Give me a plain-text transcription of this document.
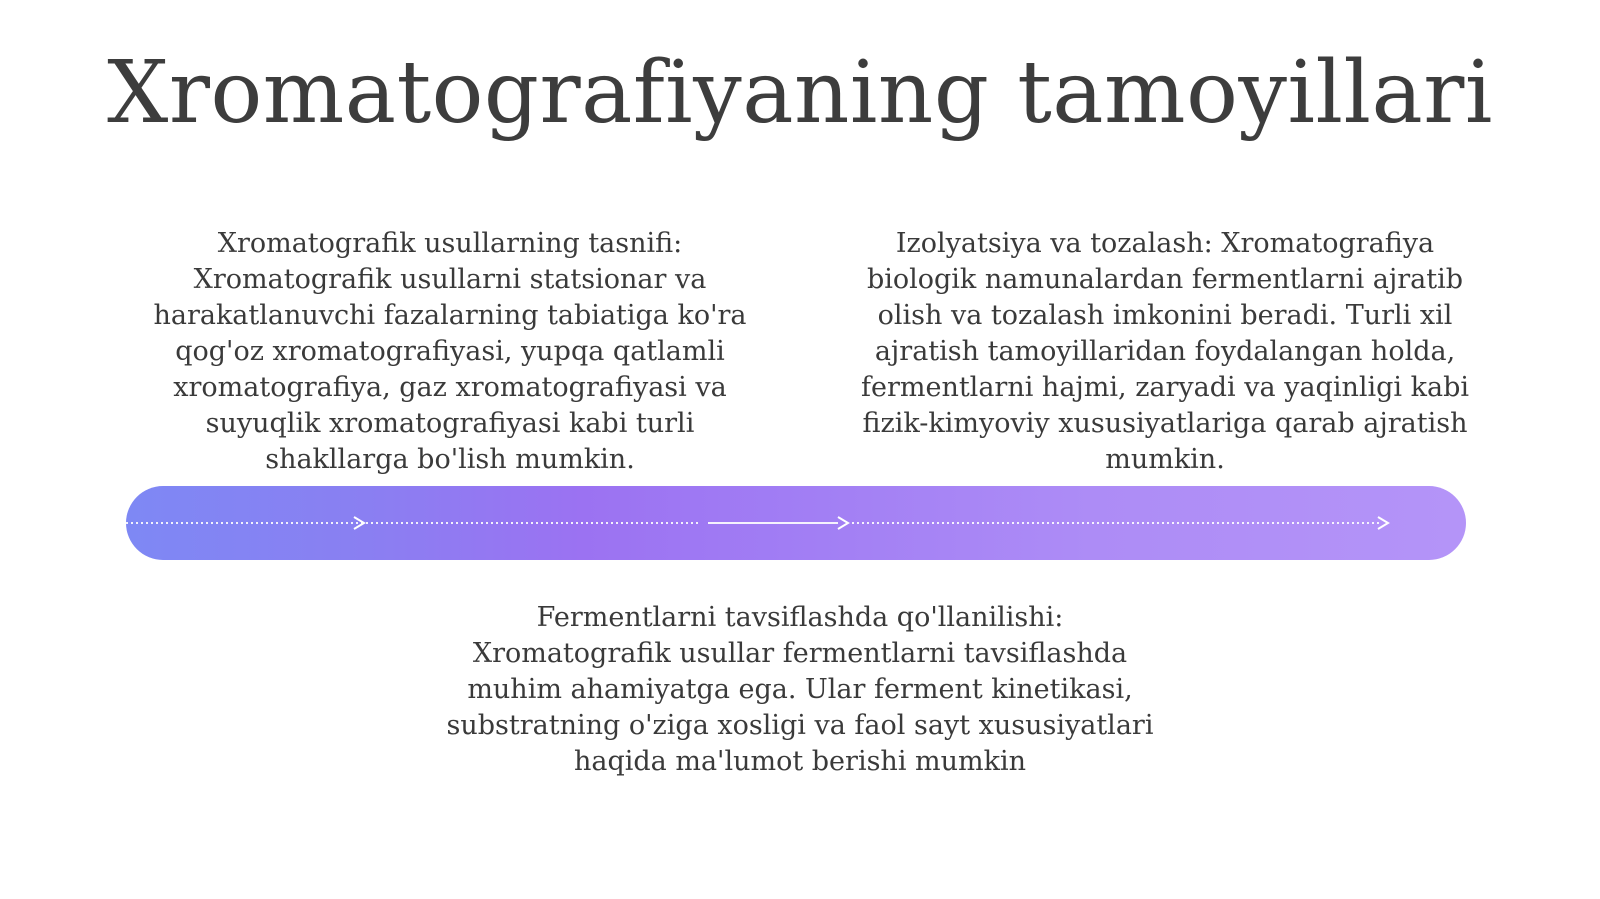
Xromatografiyaning tamoyillari
Xromatografik usullarning tasnifi: Xromatografik usullarni statsionar va harakatlanuvchi fazalarning tabiatiga ko'ra qog'oz xromatografiyasi, yupqa qatlamli xromatografiya, gaz xromatografiyasi va suyuqlik xromatografiyasi kabi turli shakllarga bo'lish mumkin.
Izolyatsiya va tozalash: Xromatografiya biologik namunalardan fermentlarni ajratib olish va tozalash imkonini beradi. Turli xil ajratish tamoyillaridan foydalangan holda, fermentlarni hajmi, zaryadi va yaqinligi kabi fizik-kimyoviy xususiyatlariga qarab ajratish mumkin.
Fermentlarni tavsiflashda qo'llanilishi: Xromatografik usullar fermentlarni tavsiflashda muhim ahamiyatga ega. Ular ferment kinetikasi, substratning o'ziga xosligi va faol sayt xususiyatlari haqida ma'lumot berishi mumkin
